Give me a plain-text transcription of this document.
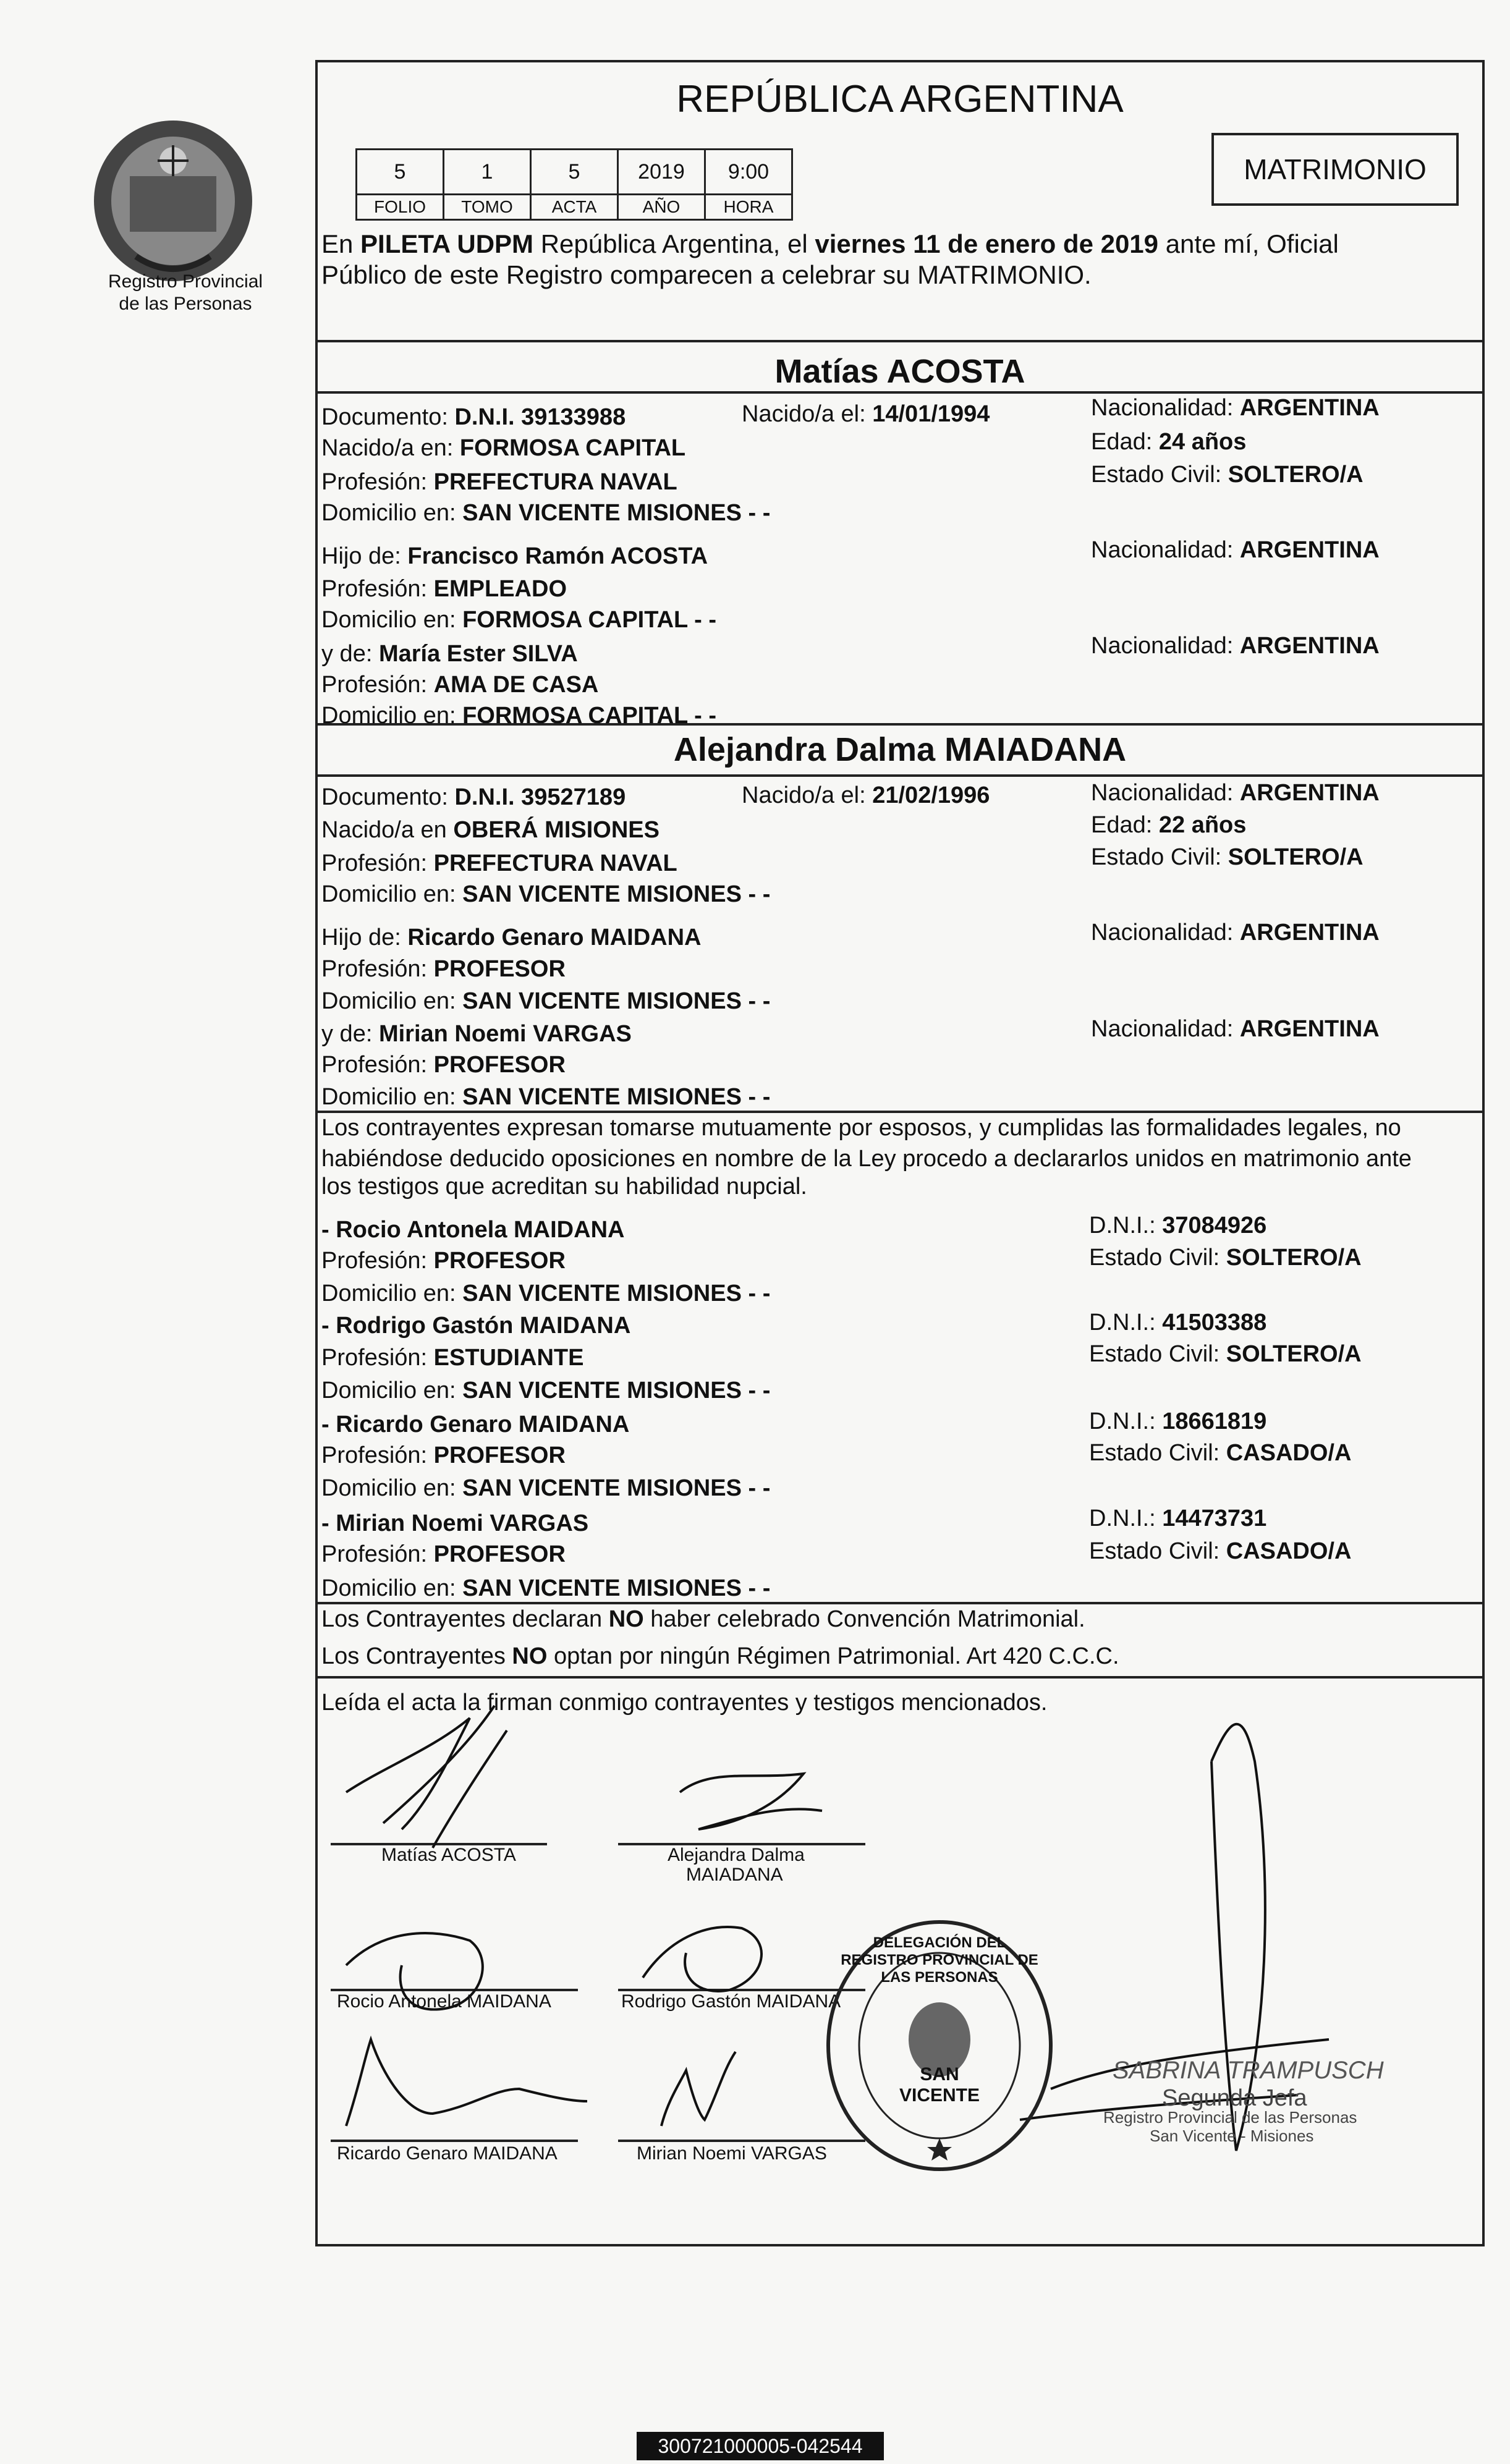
Registro Provincial
de las Personas
REPÚBLICA ARGENTINA
5	1	5	2019	9:00
FOLIO	TOMO	ACTA	AÑO	HORA
MATRIMONIO
En PILETA UDPM República Argentina, el viernes 11 de enero de 2019 ante mí, Oficial
Público de este Registro comparecen a celebrar su MATRIMONIO.
Matías ACOSTA
Documento: D.N.I. 39133988	Nacido/a el: 14/01/1994	Nacionalidad: ARGENTINA
Nacido/a en: FORMOSA CAPITAL	Edad: 24 años
Profesión: PREFECTURA NAVAL	Estado Civil: SOLTERO/A
Domicilio en: SAN VICENTE MISIONES - -
Hijo de: Francisco Ramón ACOSTA	Nacionalidad: ARGENTINA
Profesión: EMPLEADO
Domicilio en: FORMOSA CAPITAL - -
y de: María Ester SILVA	Nacionalidad: ARGENTINA
Profesión: AMA DE CASA
Domicilio en: FORMOSA CAPITAL - -
Alejandra Dalma MAIADANA
Documento: D.N.I. 39527189	Nacido/a el: 21/02/1996	Nacionalidad: ARGENTINA
Nacido/a en OBERÁ MISIONES	Edad: 22 años
Profesión: PREFECTURA NAVAL	Estado Civil: SOLTERO/A
Domicilio en: SAN VICENTE MISIONES - -
Hijo de: Ricardo Genaro MAIDANA	Nacionalidad: ARGENTINA
Profesión: PROFESOR
Domicilio en: SAN VICENTE MISIONES - -
y de: Mirian Noemi VARGAS	Nacionalidad: ARGENTINA
Profesión: PROFESOR
Domicilio en: SAN VICENTE MISIONES - -
Los contrayentes expresan tomarse mutuamente por esposos, y cumplidas las formalidades legales, no
habiéndose deducido oposiciones en nombre de la Ley procedo a declararlos unidos en matrimonio ante
los testigos que acreditan su habilidad nupcial.
- Rocio Antonela MAIDANA	D.N.I.: 37084926
Profesión: PROFESOR	Estado Civil: SOLTERO/A
Domicilio en: SAN VICENTE MISIONES - -
- Rodrigo Gastón MAIDANA	D.N.I.: 41503388
Profesión: ESTUDIANTE	Estado Civil: SOLTERO/A
Domicilio en: SAN VICENTE MISIONES - -
- Ricardo Genaro MAIDANA	D.N.I.: 18661819
Profesión: PROFESOR	Estado Civil: CASADO/A
Domicilio en: SAN VICENTE MISIONES - -
- Mirian Noemi VARGAS	D.N.I.: 14473731
Profesión: PROFESOR	Estado Civil: CASADO/A
Domicilio en: SAN VICENTE MISIONES - -
Los Contrayentes declaran NO haber celebrado Convención Matrimonial.
Los Contrayentes NO optan por ningún Régimen Patrimonial. Art 420 C.C.C.
Leída el acta la firman conmigo contrayentes y testigos mencionados.
Matías ACOSTA	Alejandra Dalma
MAIADANA
Rocio Antonela MAIDANA	Rodrigo Gastón MAIDANA
Ricardo Genaro MAIDANA	Mirian Noemi VARGAS
DELEGACIÓN DEL REGISTRO PROVINCIAL DE LAS PERSONAS
SAN VICENTE
SABRINA TRAMPUSCH
Segunda Jefa
Registro Provincial de las Personas
San Vicente - Misiones
300721000005-042544
